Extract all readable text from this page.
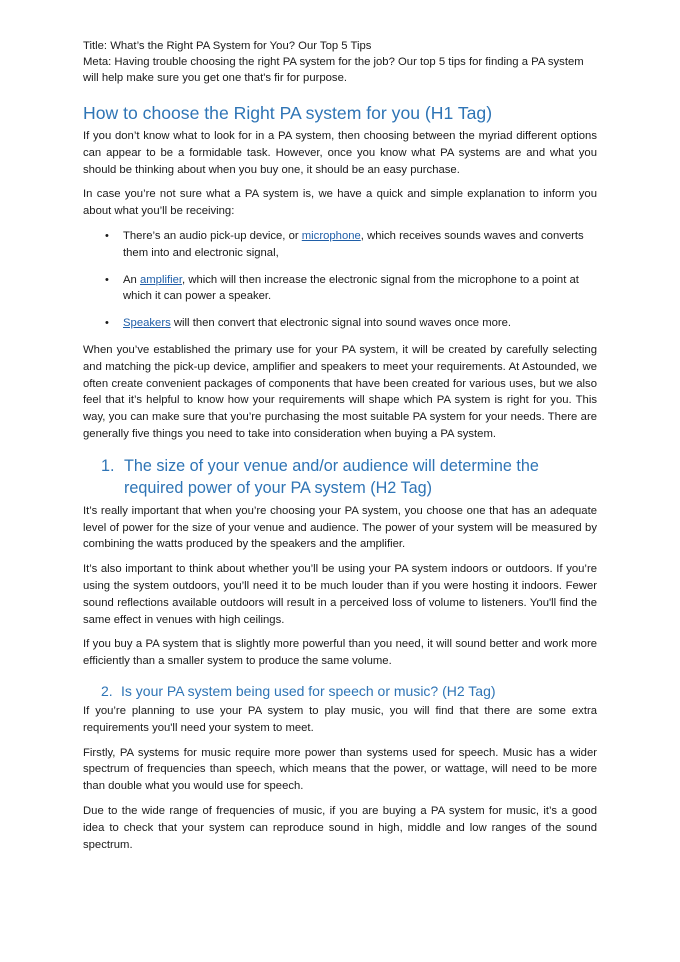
Title: What’s the Right PA System for You? Our Top 5 Tips
Meta: Having trouble choosing the right PA system for the job? Our top 5 tips for finding a PA system will help make sure you get one that's fir for purpose.
How to choose the Right PA system for you (H1 Tag)

If you don’t know what to look for in a PA system, then choosing between the myriad different options can appear to be a formidable task. However, once you know what PA systems are and what you should be thinking about when you buy one, it should be an easy purchase.

In case you’re not sure what a PA system is, we have a quick and simple explanation to inform you about what you’ll be receiving:

•	There’s an audio pick-up device, or microphone, which receives sounds waves and converts them into and electronic signal,
•	An amplifier, which will then increase the electronic signal from the microphone to a point at which it can power a speaker.
•	Speakers will then convert that electronic signal into sound waves once more.

When you’ve established the primary use for your PA system, it will be created by carefully selecting and matching the pick-up device, amplifier and speakers to meet your requirements. At Astounded, we often create convenient packages of components that have been created for various uses, but we also feel that it’s helpful to know how your requirements will shape which PA system is right for you. This way, you can make sure that you’re purchasing the most suitable PA system for your needs. There are generally five things you need to take into consideration when buying a PA system.

1. The size of your venue and/or audience will determine the required power of your PA system (H2 Tag)

It’s really important that when you’re choosing your PA system, you choose one that has an adequate level of power for the size of your venue and audience. The power of your system will be measured by combining the watts produced by the speakers and the amplifier.

It’s also important to think about whether you’ll be using your PA system indoors or outdoors. If you’re using the system outdoors, you’ll need it to be much louder than if you were hosting it indoors. Fewer sound reflections available outdoors will result in a perceived loss of volume to listeners. You'll find the same effect in venues with high ceilings.

If you buy a PA system that is slightly more powerful than you need, it will sound better and work more efficiently than a smaller system to produce the same volume.

2. Is your PA system being used for speech or music? (H2 Tag)

If you’re planning to use your PA system to play music, you will find that there are some extra requirements you'll need your system to meet.

Firstly, PA systems for music require more power than systems used for speech. Music has a wider spectrum of frequencies than speech, which means that the power, or wattage, will need to be more than double what you would use for speech.

Due to the wide range of frequencies of music, if you are buying a PA system for music, it’s a good idea to check that your system can reproduce sound in high, middle and low ranges of the sound spectrum.
